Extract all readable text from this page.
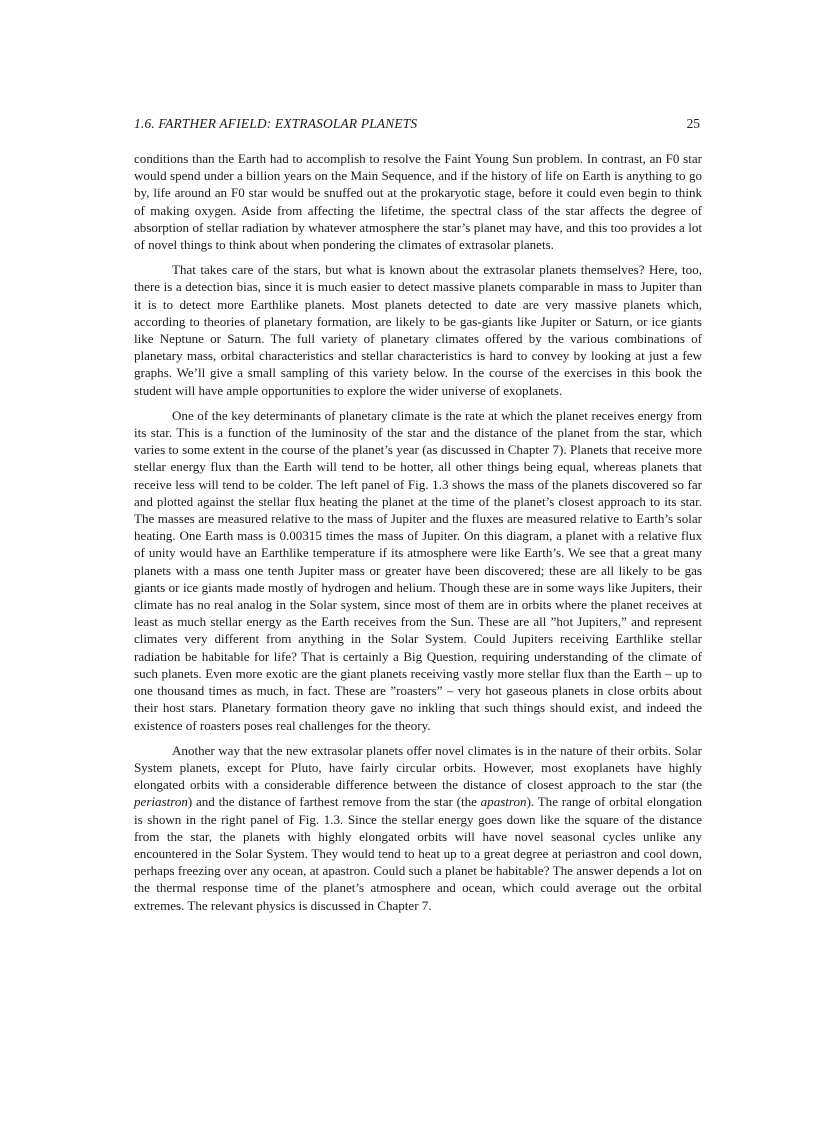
1.6. FARTHER AFIELD: EXTRASOLAR PLANETS	25

conditions than the Earth had to accomplish to resolve the Faint Young Sun problem. In contrast, an F0 star would spend under a billion years on the Main Sequence, and if the history of life on Earth is anything to go by, life around an F0 star would be snuffed out at the prokaryotic stage, before it could even begin to think of making oxygen. Aside from affecting the lifetime, the spectral class of the star affects the degree of absorption of stellar radiation by whatever atmosphere the star’s planet may have, and this too provides a lot of novel things to think about when pondering the climates of extrasolar planets.

That takes care of the stars, but what is known about the extrasolar planets themselves? Here, too, there is a detection bias, since it is much easier to detect massive planets comparable in mass to Jupiter than it is to detect more Earthlike planets. Most planets detected to date are very massive planets which, according to theories of planetary formation, are likely to be gas-giants like Jupiter or Saturn, or ice giants like Neptune or Saturn. The full variety of planetary climates offered by the various combinations of planetary mass, orbital characteristics and stellar characteristics is hard to convey by looking at just a few graphs. We’ll give a small sampling of this variety below. In the course of the exercises in this book the student will have ample opportunities to explore the wider universe of exoplanets.

One of the key determinants of planetary climate is the rate at which the planet receives energy from its star. This is a function of the luminosity of the star and the distance of the planet from the star, which varies to some extent in the course of the planet’s year (as discussed in Chapter 7). Planets that receive more stellar energy flux than the Earth will tend to be hotter, all other things being equal, whereas planets that receive less will tend to be colder. The left panel of Fig. 1.3 shows the mass of the planets discovered so far and plotted against the stellar flux heating the planet at the time of the planet’s closest approach to its star. The masses are measured relative to the mass of Jupiter and the fluxes are measured relative to Earth’s solar heating. One Earth mass is 0.00315 times the mass of Jupiter. On this diagram, a planet with a relative flux of unity would have an Earthlike temperature if its atmosphere were like Earth’s. We see that a great many planets with a mass one tenth Jupiter mass or greater have been discovered; these are all likely to be gas giants or ice giants made mostly of hydrogen and helium. Though these are in some ways like Jupiters, their climate has no real analog in the Solar system, since most of them are in orbits where the planet receives at least as much stellar energy as the Earth receives from the Sun. These are all ”hot Jupiters,” and represent climates very different from anything in the Solar System. Could Jupiters receiving Earthlike stellar radiation be habitable for life? That is certainly a Big Question, requiring understanding of the climate of such planets. Even more exotic are the giant planets receiving vastly more stellar flux than the Earth – up to one thousand times as much, in fact. These are ”roasters” – very hot gaseous planets in close orbits about their host stars. Planetary formation theory gave no inkling that such things should exist, and indeed the existence of roasters poses real challenges for the theory.

Another way that the new extrasolar planets offer novel climates is in the nature of their orbits. Solar System planets, except for Pluto, have fairly circular orbits. However, most exoplanets have highly elongated orbits with a considerable difference between the distance of closest approach to the star (the periastron) and the distance of farthest remove from the star (the apastron). The range of orbital elongation is shown in the right panel of Fig. 1.3. Since the stellar energy goes down like the square of the distance from the star, the planets with highly elongated orbits will have novel seasonal cycles unlike any encountered in the Solar System. They would tend to heat up to a great degree at periastron and cool down, perhaps freezing over any ocean, at apastron. Could such a planet be habitable? The answer depends a lot on the thermal response time of the planet’s atmosphere and ocean, which could average out the orbital extremes. The relevant physics is discussed in Chapter 7.
